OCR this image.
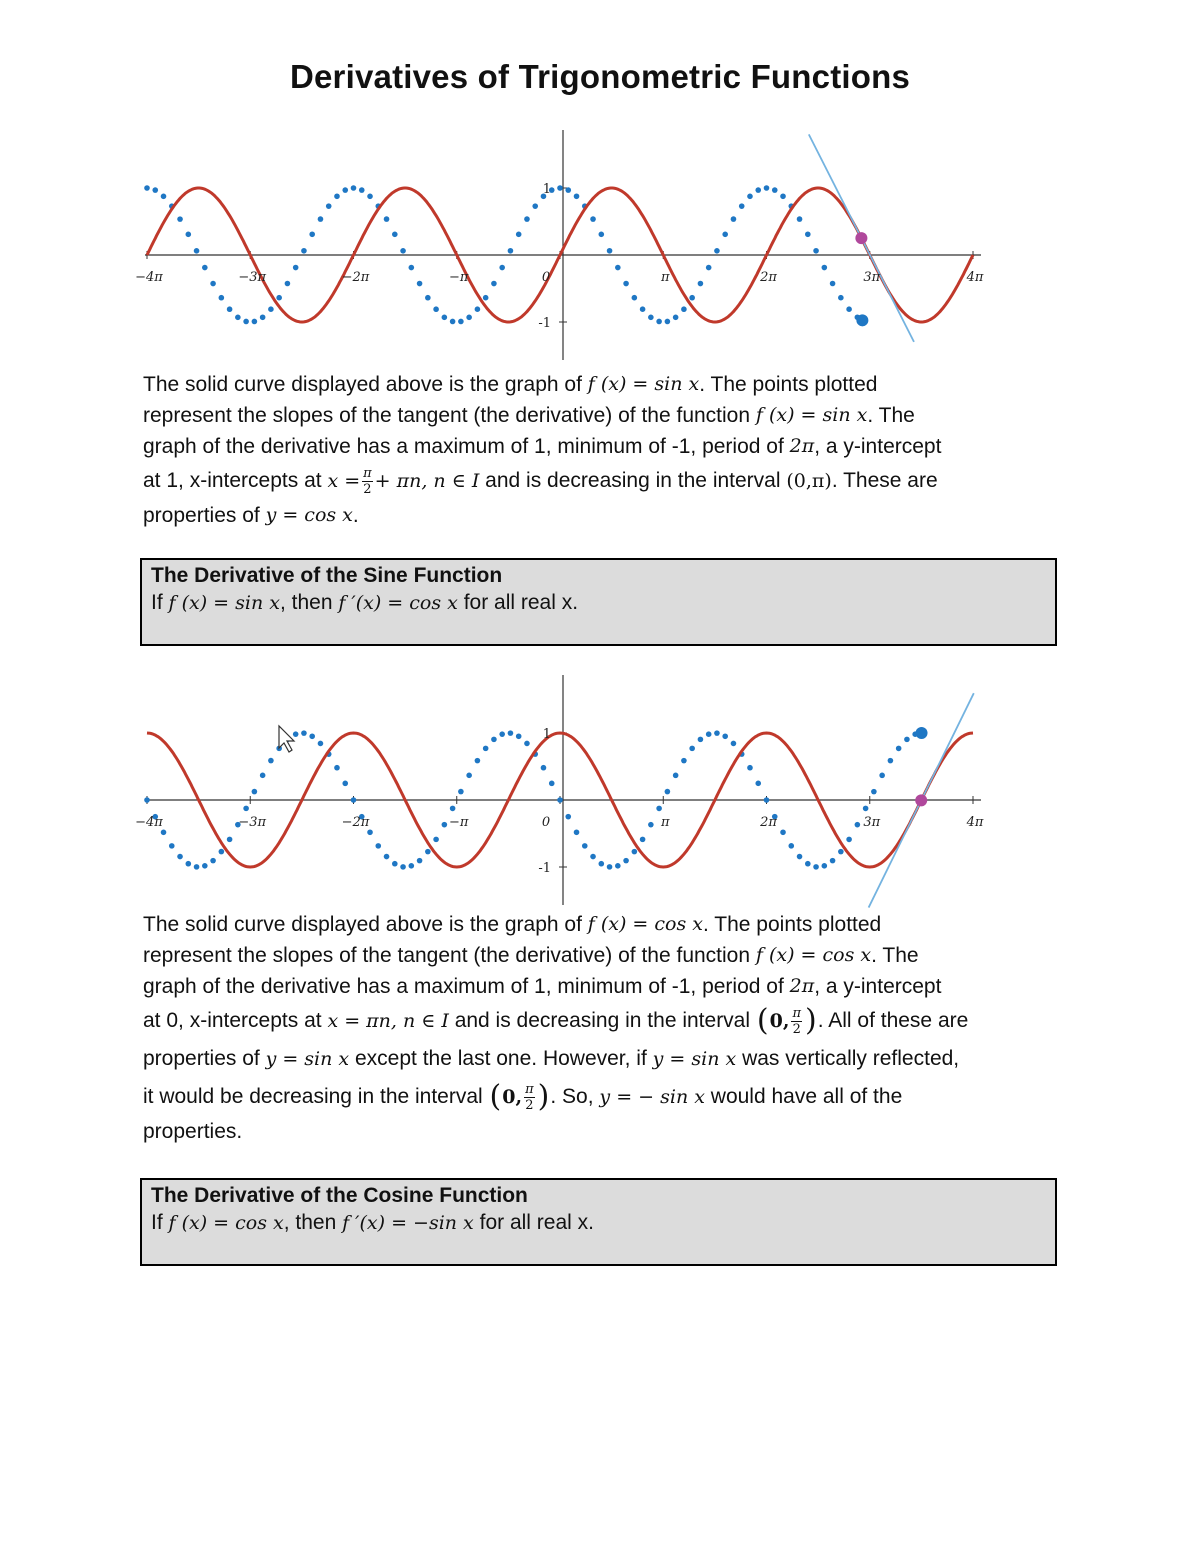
Derivatives of Trigonometric Functions
−4π	−3π	−2π	−π	0	π	2π	3π	4π
1
-1
The solid curve displayed above is the graph of
f (x) = sin x . The points plotted
represent the slopes of the tangent (the derivative) of the function
f (x) = sin x . The
graph of the derivative has a maximum of 1, minimum of -1, period of
2π , a y-intercept
at 1, x-intercepts at
$x = \frac{\pi}{2} + \pi n$, n ∈ I
and is decreasing in the interval
(0,π) . These are
properties of
y = cos x .
The Derivative of the Sine Function
If f (x) = sin x, then f ′(x) = cos x for all real x.
−4π	−3π	−2π	−π	0	π	2π	3π	4π
1
-1
The solid curve displayed above is the graph of
f (x) = cos x . The points plotted
represent the slopes of the tangent (the derivative) of the function
f (x) = cos x . The
graph of the derivative has a maximum of 1, minimum of -1, period of
2π , a y-intercept
at 0, x-intercepts at
x = πn, n ∈ I
and is decreasing in the interval
( 0, $\frac{\pi}{2}$ ) . All of these are
properties of
y = sin x
except the last one. However, if
y = sin x
was vertically reflected,
it would be decreasing in the interval
( 0, $\frac{\pi}{2}$ ) . So,
y = − sin x
would have all of the
properties.
The Derivative of the Cosine Function
If f (x) = cos x, then f ′(x) = −sin x for all real x.
